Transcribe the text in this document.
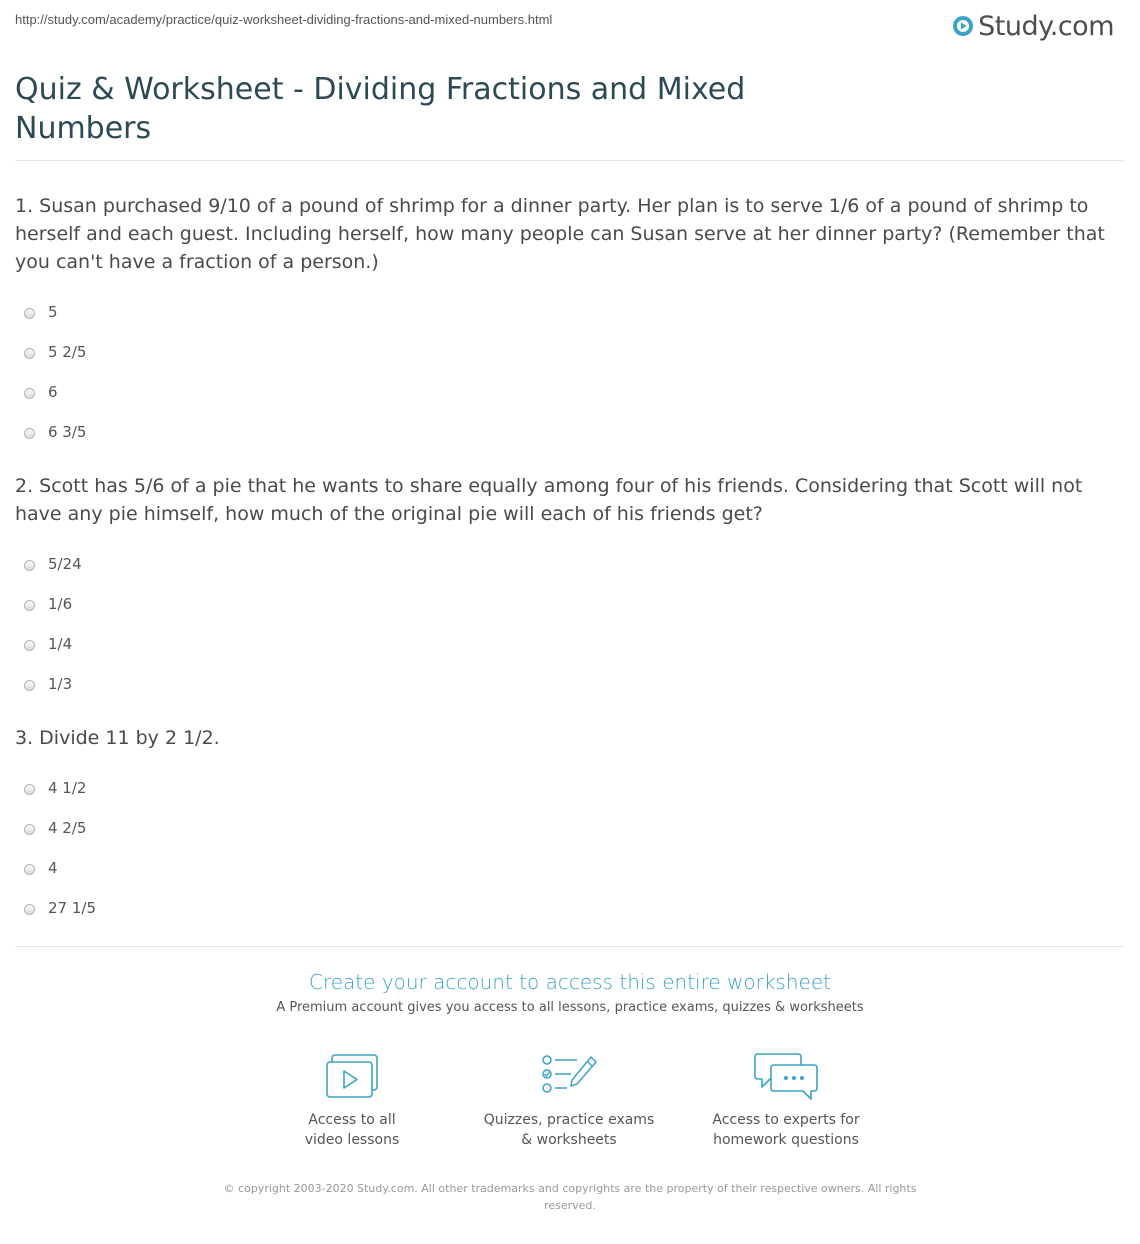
http://study.com/academy/practice/quiz-worksheet-dividing-fractions-and-mixed-numbers.html	Study.com
Quiz & Worksheet - Dividing Fractions and Mixed Numbers

1. Susan purchased 9/10 of a pound of shrimp for a dinner party. Her plan is to serve 1/6 of a pound of shrimp to herself and each guest. Including herself, how many people can Susan serve at her dinner party? (Remember that you can't have a fraction of a person.)

5
5 2/5
6
6 3/5

2. Scott has 5/6 of a pie that he wants to share equally among four of his friends. Considering that Scott will not have any pie himself, how much of the original pie will each of his friends get?

5/24
1/6
1/4
1/3

3. Divide 11 by 2 1/2.

4 1/2
4 2/5
4
27 1/5
Create your account to access this entire worksheet
A Premium account gives you access to all lessons, practice exams, quizzes & worksheets
Access to all
video lessons
Quizzes, practice exams
& worksheets
Access to experts for
homework questions
© copyright 2003-2020 Study.com. All other trademarks and copyrights are the property of their respective owners. All rights
reserved.
